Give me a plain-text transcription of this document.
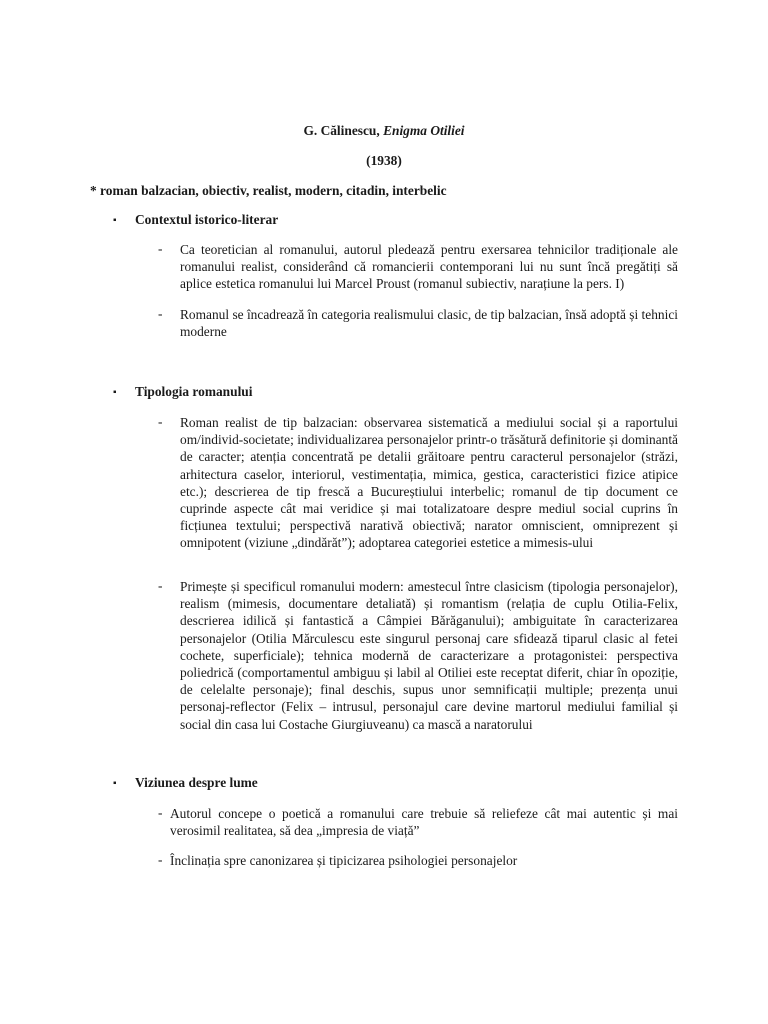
G. Călinescu, Enigma Otiliei
(1938)
* roman balzacian, obiectiv, realist, modern, citadin, interbelic
▪ Contextul istorico-literar
- Ca teoretician al romanului, autorul pledează pentru exersarea tehnicilor tradiționale ale romanului realist, considerând că romancierii contemporani lui nu sunt încă pregătiți să aplice estetica romanului lui Marcel Proust (romanul subiectiv, narațiune la pers. I)
- Romanul se încadrează în categoria realismului clasic, de tip balzacian, însă adoptă și tehnici moderne
▪ Tipologia romanului
- Roman realist de tip balzacian: observarea sistematică a mediului social și a raportului om/individ-societate; individualizarea personajelor printr-o trăsătură definitorie și dominantă de caracter; atenția concentrată pe detalii grăitoare pentru caracterul personajelor (străzi, arhitectura caselor, interiorul, vestimentația, mimica, gestica, caracteristici fizice atipice etc.); descrierea de tip frescă a Bucureștiului interbelic; romanul de tip document ce cuprinde aspecte cât mai veridice și mai totalizatoare despre mediul social cuprins în ficțiunea textului; perspectivă narativă obiectivă; narator omniscient, omniprezent și omnipotent (viziune „dindărăt”); adoptarea categoriei estetice a mimesis-ului
- Primește și specificul romanului modern: amestecul între clasicism (tipologia personajelor), realism (mimesis, documentare detaliată) și romantism (relația de cuplu Otilia-Felix, descrierea idilică și fantastică a Câmpiei Bărăganului); ambiguitate în caracterizarea personajelor (Otilia Mărculescu este singurul personaj care sfidează tiparul clasic al fetei cochete, superficiale); tehnica modernă de caracterizare a protagonistei: perspectiva poliedrică (comportamentul ambiguu și labil al Otiliei este receptat diferit, chiar în opoziție, de celelalte personaje); final deschis, supus unor semnificații multiple; prezența unui personaj-reflector (Felix – intrusul, personajul care devine martorul mediului familial și social din casa lui Costache Giurgiuveanu) ca mască a naratorului
▪ Viziunea despre lume
- Autorul concepe o poetică a romanului care trebuie să reliefeze cât mai autentic și mai verosimil realitatea, să dea „impresia de viață”
- Înclinația spre canonizarea și tipicizarea psihologiei personajelor
